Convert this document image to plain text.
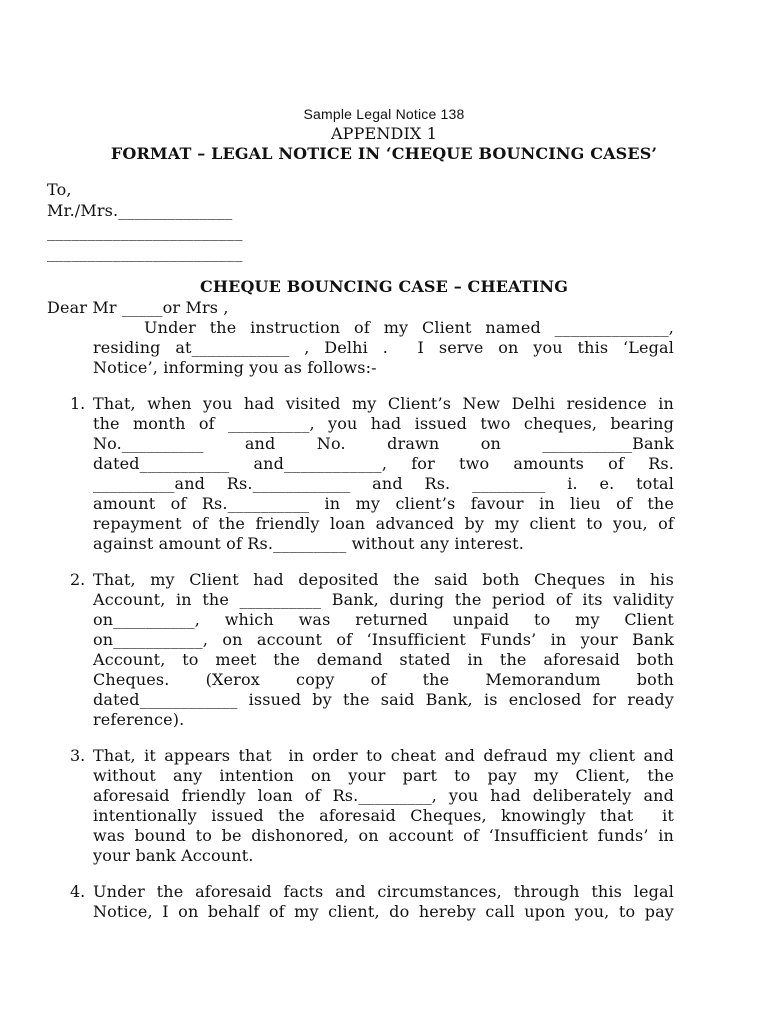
Sample Legal Notice 138
APPENDIX 1
FORMAT – LEGAL NOTICE IN ‘CHEQUE BOUNCING CASES’
To,
Mr./Mrs.______________
________________________
________________________
CHEQUE BOUNCING CASE – CHEATING
Dear Mr _____or Mrs ,
Under the instruction of my Client named ______________,
residing at____________ , Delhi .  I serve on you this ‘Legal
Notice’, informing you as follows:-
1. That, when you had visited my Client’s New Delhi residence in
the month of __________, you had issued two cheques, bearing
No.__________ and No. drawn on ___________Bank
dated___________ and____________, for two amounts of Rs.
__________and Rs.____________ and Rs. _________ i. e. total
amount of Rs.__________ in my client’s favour in lieu of the
repayment of the friendly loan advanced by my client to you, of
against amount of Rs._________ without any interest.
2. That, my Client had deposited the said both Cheques in his
Account, in the __________ Bank, during the period of its validity
on__________, which was returned unpaid to my Client
on___________, on account of ‘Insufficient Funds’ in your Bank
Account, to meet the demand stated in the aforesaid both
Cheques. (Xerox copy of the Memorandum both
dated____________ issued by the said Bank, is enclosed for ready
reference).
3. That, it appears that  in order to cheat and defraud my client and
without any intention on your part to pay my Client, the
aforesaid friendly loan of Rs._________, you had deliberately and
intentionally issued the aforesaid Cheques, knowingly that  it
was bound to be dishonored, on account of ‘Insufficient funds’ in
your bank Account.
4. Under the aforesaid facts and circumstances, through this legal
Notice, I on behalf of my client, do hereby call upon you, to pay
